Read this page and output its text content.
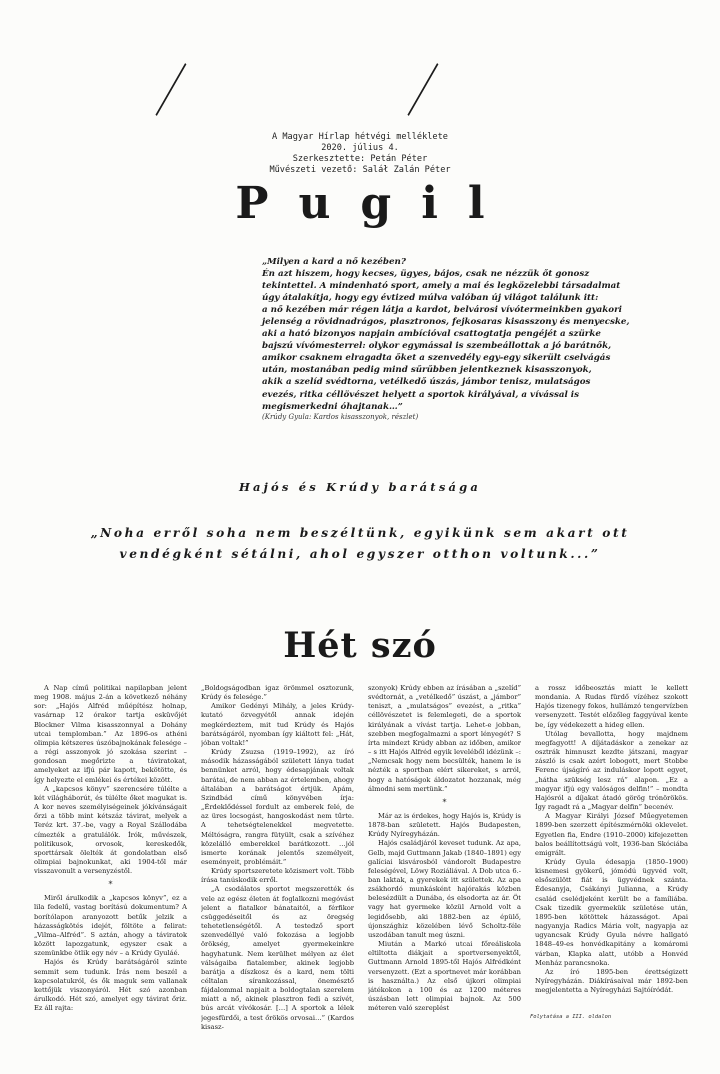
A Magyar Hírlap hétvégi melléklete
2020. július 4.
Szerkesztette: Petán Péter
Művészeti vezető: Saláł Zalán Péter
Pugil
„Milyen a kard a nő kezében?
Én azt hiszem, hogy kecses, ügyes, bájos, csak ne nézzük őt gonosz
tekintettel. A mindenható sport, amely a mai és legközelebbi társadalmat
úgy átalakítja, hogy egy évtized múlva valóban új világot találunk itt:
a nő kezében már régen látja a kardot, belvárosi vívótermeinkben gyakori
jelenség a rövidnadrágos, plasztronos, fejkosaras kisasszony és menyecske,
aki a ható bizonyos napjain ambícióval csattogtatja pengéjét a szürke
bajszú vívómesterrel: olykor egymással is szembeállottak a jó barátnők,
amikor csaknem elragadta őket a szenvedély egy-egy sikerült cselvágás
után, mostanában pedig mind sűrűbben jelentkeznek kisasszonyok,
akik a szelíd svédtorna, vetélkedő úszás, jámbor tenisz, mulatságos
evezés, ritka céllövészet helyett a sportok királyával, a vívással is
megismerkedni óhajtanak…”
(Krúdy Gyula: Kardos kisasszonyok, részlet)
Hajós és Krúdy barátsága
„Noha erről soha nem beszéltünk, egyikünk sem akart ott vendégként sétálni, ahol egyszer otthon voltunk...”
Hét szó

A Nap című politikai napilapban jelent meg 1908. május 2-án a következő néhány sor: „Hajós Alfréd műépítész holnap, vasárnap 12 órakor tartja esküvőjét Blockner Vilma kisasszonnyal a Dohány utcai templomban.” Az 1896-os athéni olimpia kétszeres úszóbajnokának felesége – a régi asszonyok jó szokása szerint – gondosan megőrizte a táviratokat, amelyeket az ifjú pár kapott, bekötötte, és így helyezte el emlékei és értékei között.

A „kapcsos könyv” szerencsére túlélte a két világháborút, és túlélte őket magukat is. A kor neves személyiségeinek jókívánságait őrzi a több mint kétszáz távirat, melyek a Teréz krt. 37.-be, vagy a Royal Szállodába címezték a gratulálók. Írók, művészek, politikusok, orvosok, kereskedők, sporttársak ölelték át gondolatban első olimpiai bajnokunkat, aki 1904-től már visszavonult a versenyzéstől.

*

Miről árulkodik a „kapcsos könyv”, ez a lila fedelű, vastag borítású dokumentum? A borítólapon aranyozott betűk jelzik a házasságkötés idejét, föltöte a felirat: „Vilma–Alfréd”. S aztán, ahogy a táviratok között lapozgatunk, egyszer csak a szemünkbe ötlik egy név – a Krúdy Gyuláé.

Hajós és Krúdy barátságáról szinte semmit sem tudunk. Írás nem beszél a kapcsolatukról, és ők maguk sem vallanak kettőjük viszonyáról. Hét szó azonban árulkodó. Hét szó, amelyet egy távirat őriz. Ez áll rajta:

„Boldogságodban igaz örömmel osztozunk, Krúdy és felesége.”

Amikor Gedényi Mihály, a jeles Krúdy-kutató özvegyétől annak idején megkérdeztem, mit tud Krúdy és Hajós barátságáról, nyomban így kiáltott fel: „Hát, jóban voltak!”

Krúdy Zsuzsa (1919–1992), az író második házasságából született lánya tudat bennünket arról, hogy édesapjának voltak barátai, de nem abban az értelemben, ahogy általában a barátságot értjük. Apám, Szindbád című könyvében írja: „Érdeklődéssel fordult az emberek felé, de az üres locsogást, hangoskodást nem tűrte. A tehetségtelenekkel megvetette. Méltóságra, rangra fütyült, csak a szívéhez közelálló emberekkel barátkozott. …jól ismerte korának jelentős személyeit, eseményeit, problémáit.”

Krúdy sportszeretete közismert volt. Több írása tanúskodik erről.

„A csodálatos sportot megszerették és vele az egész életen át foglalkozni megóvást jelent a fiatalkor bánataitól, a férfikor csüggedéseitől és az öregség tehetetlenségétől. A testedző sport szenvedéllyé való fokozása a legjobb örökség, amelyet gyermekeinkre hagyhatunk. Nem kerülhet mélyen az élet válságaiba fiatalember, akinek legjobb barátja a díszkosz és a kard, nem tölti céltalan sírankozással, önemésztő fájdalommal napjait a boldogtalan szerelem miatt a nő, akinek plasztron fedi a szívét, bús arcát vívókosár. […] A sportok a lélek jegesfürdői, a test őrökös orvosai…” (Kardos kisasz-

szonyok) Krúdy ebben az írásában a „szelíd” svédtornát, a „vetélkedő” úszást, a „jámbor” teniszt, a „mulatságos” evezést, a „ritka” céllövészetet is felemlegeti, de a sportok királyának a vívást tartja. Lehet-e jobban, szebben megfogalmazni a sport lényegét? S írta mindezt Krúdy abban az időben, amikor – s itt Hajós Alfréd egyik leveléből idézünk –: „Nemcsak hogy nem becsülték, hanem le is nézték a sportban elért sikereket, s arról, hogy a hatóságok áldozatot hozzanak, még álmodni sem mertünk.”

*

Már az is érdekes, hogy Hajós is, Krúdy is 1878-ban született. Hajós Budapesten, Krúdy Nyíregyházán.

Hajós családjáról keveset tudunk. Az apa, Gelb, majd Guttmann Jakab (1840–1891) egy galíciai kisvárosból vándorolt Budapestre feleségével, Löwy Roziáliával. A Dob utca 6.-ban laktak, a gyerekek itt születtek. Az apa zsákhordó munkásként hajórakás közben belesézdült a Dunába, és elsodorta az ár. Öt vagy hat gyermeke közül Arnold volt a legidősebb, aki 1882-ben az épülő, újonszághiz közelében lévő Scholtz-féle uszodában tanult meg úszni.

Miután a Markó utcai főreáliskola eltiltotta diákjait a sportversenyektől, Guttmann Arnold 1895-től Hajós Alfrédként versenyzett. (Ezt a sportnevet már korábban is használta.) Az első újkori olimpiai játékokon a 100 és az 1200 méteres úszásban lett olimpiai bajnok. Az 500 méteren való szereplést

a rossz időbeosztás miatt le kellett mondania. A Rudas fürdő vízéhez szokott Hajós tizenegy fokos, hullámzó tengervízben versenyzett. Testét előzőleg faggyúval kente be, így védekezett a hideg ellen.

Utólag bevallotta, hogy majdnem megfagyott! A díjátadáskor a zenekar az osztrák himnuszt kezdte játszani, magyar zászló is csak azért lobogott, mert Stobbe Ferenc újságíró az induláskor lopott egyet, „hátha szükség lesz rá” alapon. „Ez a magyar ifjú egy valóságos delfin!” – mondta Hajósról a díjakat átadó görög trónörökös. Így ragadt rá a „Magyar delfin” becenév.

A Magyar Királyi József Műegyetemen 1899-ben szerzett építészmérnöki oklevelet. Egyetlen fia, Endre (1910–2000) kifejezetten balos beállítottságú volt, 1936-ban Skóciába emigrált.

Krúdy Gyula édesapja (1850–1900) kisnemesi gyökerű, jómódú ügyvéd volt, elsőszülött fiát is ügyvédnek szánta. Édesanyja, Csákányi Julianna, a Krúdy család cselédjeként került be a famíliába. Csak tizedik gyermekük születése után, 1895-ben kötöttek házasságot. Apai nagyanyja Radics Mária volt, nagyapja az ugyancsak Krúdy Gyula névre hallgató 1848–49-es honvédkapitány a komáromi várban, Klapka alatt, utóbb a Honvéd Menház parancsnoka.

Az író 1895-ben érettségizett Nyíregyházán. Diákírásaival már 1892-ben megjelentetta a Nyíregyházi Sajtóíródát.

Folytatása a III. oldalon
